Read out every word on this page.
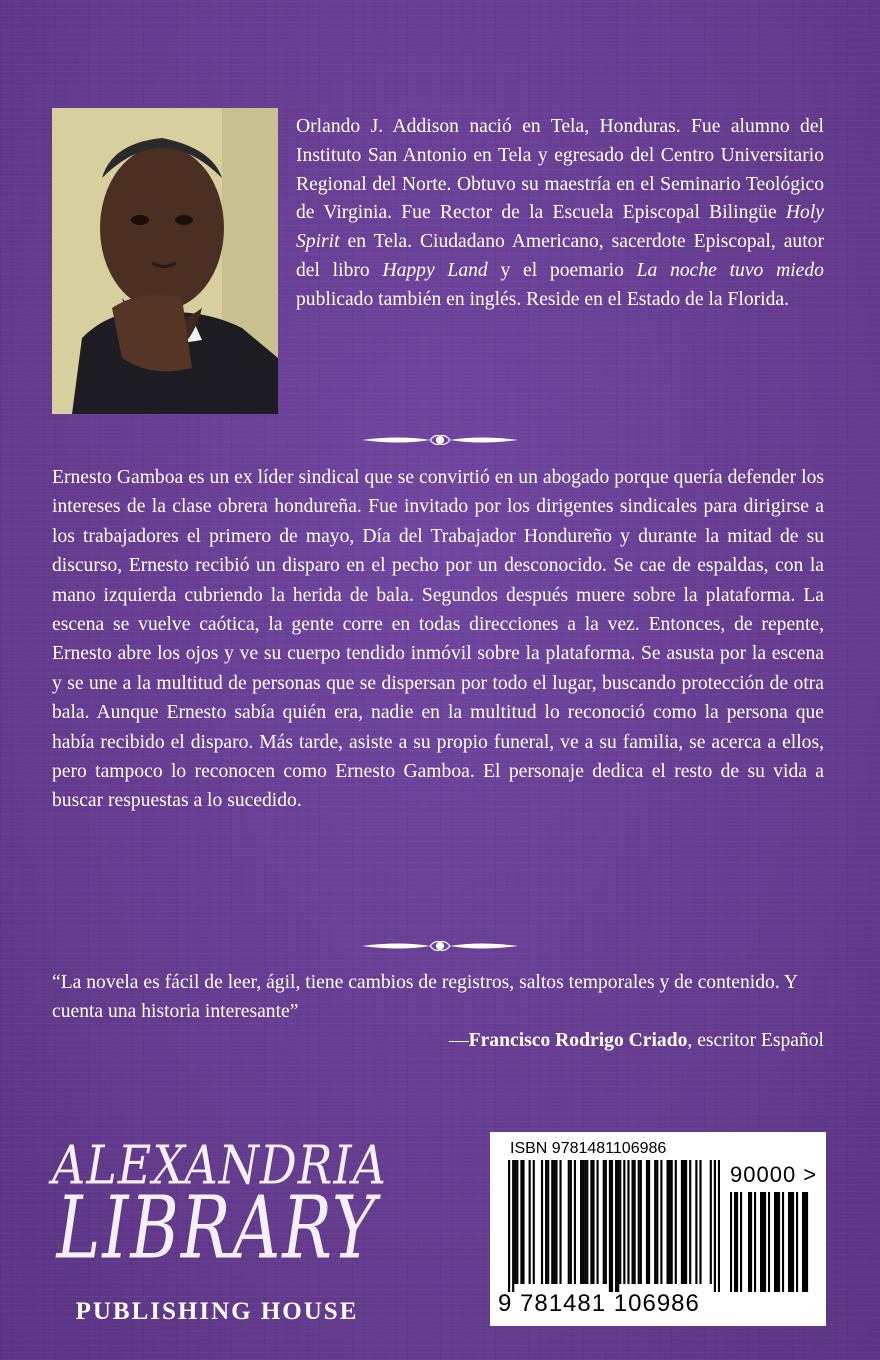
Orlando J. Addison nació en Tela, Honduras. Fue alumno del Instituto San Antonio en Tela y egresado del Centro Universitario Regional del Norte. Obtuvo su maestría en el Seminario Teológico de Virginia. Fue Rector de la Escuela Episcopal Bilingüe Holy Spirit en Tela. Ciudadano Americano, sacerdote Episcopal, autor del libro Happy Land y el poemario La noche tuvo miedo publicado también en inglés. Reside en el Estado de la Florida.

Ernesto Gamboa es un ex líder sindical que se convirtió en un abogado porque quería defender los intereses de la clase obrera hondureña. Fue invitado por los dirigentes sindicales para dirigirse a los trabajadores el primero de mayo, Día del Trabajador Hondureño y durante la mitad de su discurso, Ernesto recibió un disparo en el pecho por un desconocido. Se cae de espaldas, con la mano izquierda cubriendo la herida de bala. Segundos después muere sobre la plataforma. La escena se vuelve caótica, la gente corre en todas direcciones a la vez. Entonces, de repente, Ernesto abre los ojos y ve su cuerpo tendido inmóvil sobre la plataforma. Se asusta por la escena y se une a la multitud de personas que se dispersan por todo el lugar, buscando protección de otra bala. Aunque Ernesto sabía quién era, nadie en la multitud lo reconoció como la persona que había recibido el disparo. Más tarde, asiste a su propio funeral, ve a su familia, se acerca a ellos, pero tampoco lo reconocen como Ernesto Gamboa. El personaje dedica el resto de su vida a buscar respuestas a lo sucedido.

“La novela es fácil de leer, ágil, tiene cambios de registros, saltos temporales y de contenido. Y cuenta una historia interesante”

—Francisco Rodrigo Criado, escritor Español

ALEXANDRIA
LIBRARY
PUBLISHING HOUSE
ISBN 9781481106986
90000 >
9 781481 106986
